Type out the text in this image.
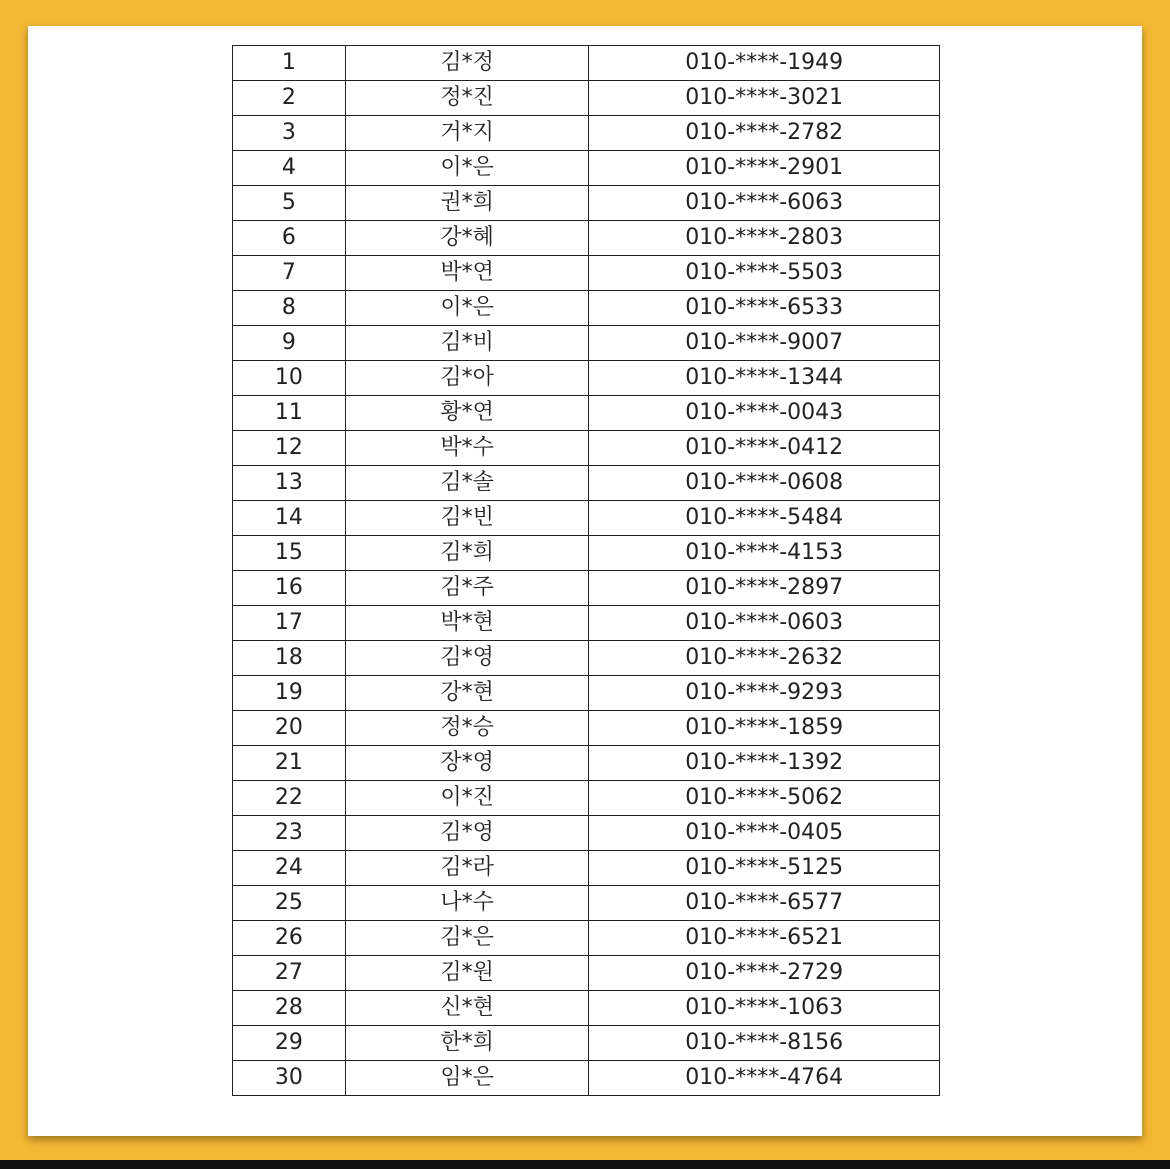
1	김*정	010-****-1949
2	정*진	010-****-3021
3	거*지	010-****-2782
4	이*은	010-****-2901
5	권*희	010-****-6063
6	강*혜	010-****-2803
7	박*연	010-****-5503
8	이*은	010-****-6533
9	김*비	010-****-9007
10	김*아	010-****-1344
11	황*연	010-****-0043
12	박*수	010-****-0412
13	김*솔	010-****-0608
14	김*빈	010-****-5484
15	김*희	010-****-4153
16	김*주	010-****-2897
17	박*현	010-****-0603
18	김*영	010-****-2632
19	강*현	010-****-9293
20	정*승	010-****-1859
21	장*영	010-****-1392
22	이*진	010-****-5062
23	김*영	010-****-0405
24	김*라	010-****-5125
25	나*수	010-****-6577
26	김*은	010-****-6521
27	김*원	010-****-2729
28	신*현	010-****-1063
29	한*희	010-****-8156
30	임*은	010-****-4764
